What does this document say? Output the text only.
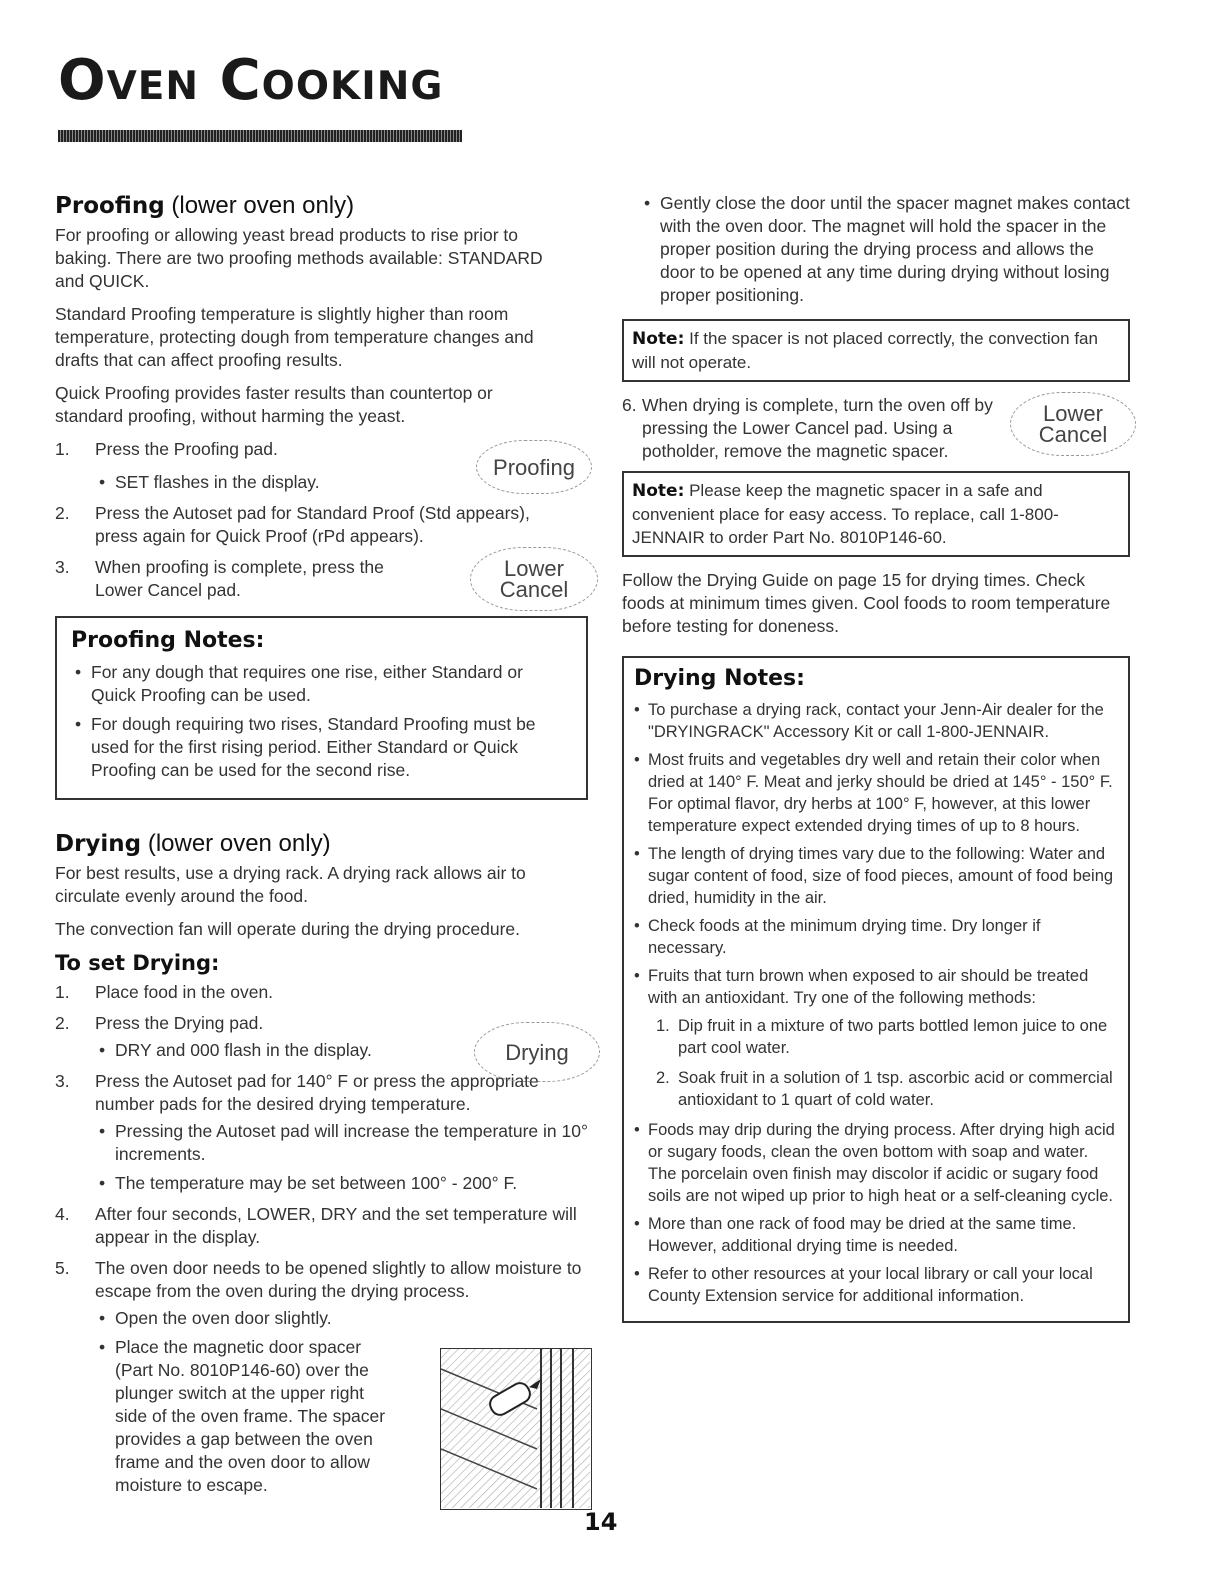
Oven Cooking
Proofing (lower oven only)

For proofing or allowing yeast bread products to rise prior to baking. There are two proofing methods available: STANDARD and QUICK.

Standard Proofing temperature is slightly higher than room temperature, protecting dough from temperature changes and drafts that can affect proofing results.

Quick Proofing provides faster results than countertop or standard proofing, without harming the yeast.

1. Press the Proofing pad.
• SET flashes in the display.
2. Press the Autoset pad for Standard Proof (Std appears), press again for Quick Proof (rPd appears).
3. When proofing is complete, press the Lower Cancel pad.
Proofing Notes:
• For any dough that requires one rise, either Standard or Quick Proofing can be used.
• For dough requiring two rises, Standard Proofing must be used for the first rising period. Either Standard or Quick Proofing can be used for the second rise.
Drying (lower oven only)

For best results, use a drying rack. A drying rack allows air to circulate evenly around the food.

The convection fan will operate during the drying procedure.

To set Drying:
1. Place food in the oven.
2. Press the Drying pad.
• DRY and 000 flash in the display.
3. Press the Autoset pad for 140° F or press the appropriate number pads for the desired drying temperature.
• Pressing the Autoset pad will increase the temperature in 10° increments.
• The temperature may be set between 100° - 200° F.
4. After four seconds, LOWER, DRY and the set temperature will appear in the display.
5. The oven door needs to be opened slightly to allow moisture to escape from the oven during the drying process.
• Open the oven door slightly.
• Place the magnetic door spacer (Part No. 8010P146-60) over the plunger switch at the upper right side of the oven frame. The spacer provides a gap between the oven frame and the oven door to allow moisture to escape.
Proofing
Lower
Cancel
Drying
• Gently close the door until the spacer magnet makes contact with the oven door. The magnet will hold the spacer in the proper position during the drying process and allows the door to be opened at any time during drying without losing proper positioning.
Note: If the spacer is not placed correctly, the convection fan will not operate.
6. When drying is complete, turn the oven off by pressing the Lower Cancel pad. Using a potholder, remove the magnetic spacer.
Note: Please keep the magnetic spacer in a safe and convenient place for easy access. To replace, call 1-800-JENNAIR to order Part No. 8010P146-60.

Follow the Drying Guide on page 15 for drying times. Check foods at minimum times given. Cool foods to room temperature before testing for doneness.

Drying Notes:
• To purchase a drying rack, contact your Jenn-Air dealer for the "DRYINGRACK" Accessory Kit or call 1-800-JENNAIR.
• Most fruits and vegetables dry well and retain their color when dried at 140° F. Meat and jerky should be dried at 145° - 150° F. For optimal flavor, dry herbs at 100° F, however, at this lower temperature expect extended drying times of up to 8 hours.
• The length of drying times vary due to the following: Water and sugar content of food, size of food pieces, amount of food being dried, humidity in the air.
• Check foods at the minimum drying time. Dry longer if necessary.
• Fruits that turn brown when exposed to air should be treated with an antioxidant. Try one of the following methods:
1. Dip fruit in a mixture of two parts bottled lemon juice to one part cool water.
2. Soak fruit in a solution of 1 tsp. ascorbic acid or commercial antioxidant to 1 quart of cold water.
• Foods may drip during the drying process. After drying high acid or sugary foods, clean the oven bottom with soap and water. The porcelain oven finish may discolor if acidic or sugary food soils are not wiped up prior to high heat or a self-cleaning cycle.
• More than one rack of food may be dried at the same time. However, additional drying time is needed.
• Refer to other resources at your local library or call your local County Extension service for additional information.
Lower
Cancel
14
